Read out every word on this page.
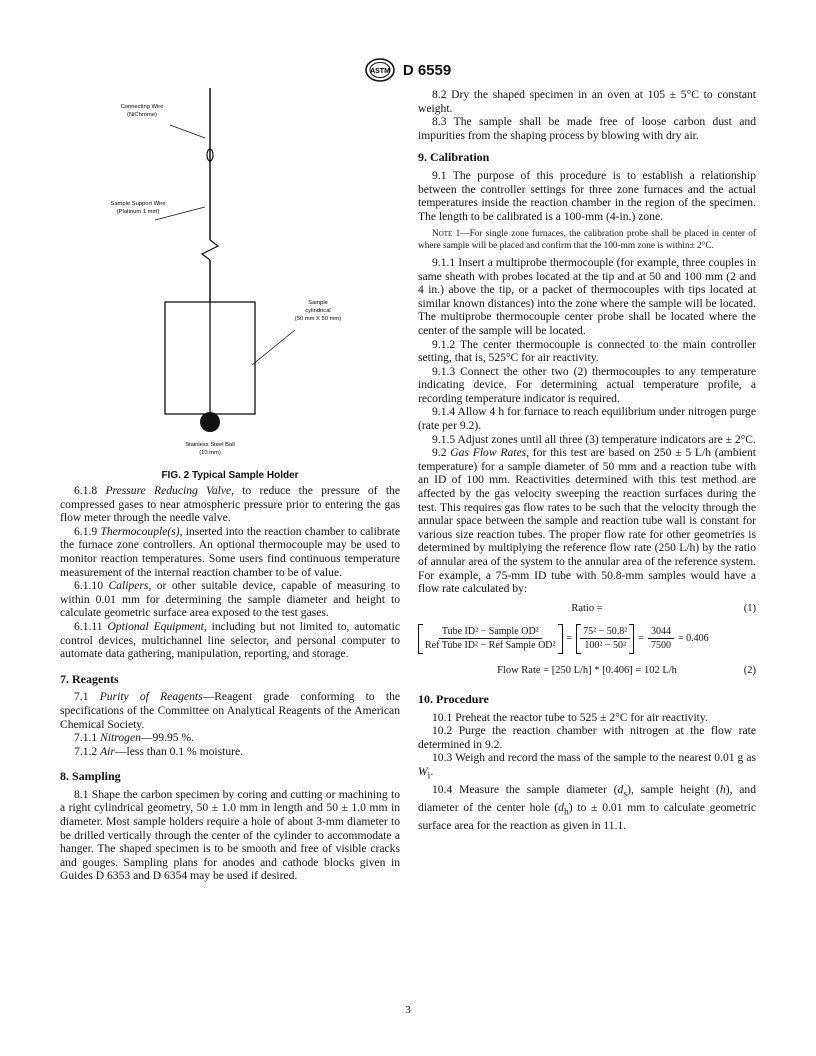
ASTM D 6559
Connecting Wire
(NiChrome)
Sample Support Wire
(Platinum 1 mm)
Sample
cylindrical
(50 mm X 50 mm)
Stainless Steel Ball
(10 mm)
FIG. 2 Typical Sample Holder

6.1.8 Pressure Reducing Valve, to reduce the pressure of the compressed gases to near atmospheric pressure prior to entering the gas flow meter through the needle valve.

6.1.9 Thermocouple(s), inserted into the reaction chamber to calibrate the furnace zone controllers. An optional thermocouple may be used to monitor reaction temperatures. Some users find continuous temperature measurement of the internal reaction chamber to be of value.

6.1.10 Calipers, or other suitable device, capable of measuring to within 0.01 mm for determining the sample diameter and height to calculate geometric surface area exposed to the test gases.

6.1.11 Optional Equipment, including but not limited to, automatic control devices, multichannel line selector, and personal computer to automate data gathering, manipulation, reporting, and storage.

7. Reagents

7.1 Purity of Reagents—Reagent grade conforming to the specifications of the Committee on Analytical Reagents of the American Chemical Society.

7.1.1 Nitrogen—99.95 %.

7.1.2 Air—less than 0.1 % moisture.

8. Sampling

8.1 Shape the carbon specimen by coring and cutting or machining to a right cylindrical geometry, 50 ± 1.0 mm in length and 50 ± 1.0 mm in diameter. Most sample holders require a hole of about 3-mm diameter to be drilled vertically through the center of the cylinder to accommodate a hanger. The shaped specimen is to be smooth and free of visible cracks and gouges. Sampling plans for anodes and cathode blocks given in Guides D 6353 and D 6354 may be used if desired.

8.2 Dry the shaped specimen in an oven at 105 ± 5°C to constant weight.

8.3 The sample shall be made free of loose carbon dust and impurities from the shaping process by blowing with dry air.

9. Calibration

9.1 The purpose of this procedure is to establish a relationship between the controller settings for three zone furnaces and the actual temperatures inside the reaction chamber in the region of the specimen. The length to be calibrated is a 100-mm (4-in.) zone.

Note 1—For single zone furnaces, the calibration probe shall be placed in center of where sample will be placed and confirm that the 100-mm zone is within± 2°C.

9.1.1 Insert a multiprobe thermocouple (for example, three couples in same sheath with probes located at the tip and at 50 and 100 mm (2 and 4 in.) above the tip, or a packet of thermocouples with tips located at similar known distances) into the zone where the sample will be located. The multiprobe thermocouple center probe shall be located where the center of the sample will be located.

9.1.2 The center thermocouple is connected to the main controller setting, that is, 525°C for air reactivity.

9.1.3 Connect the other two (2) thermocouples to any temperature indicating device. For determining actual temperature profile, a recording temperature indicator is required.

9.1.4 Allow 4 h for furnace to reach equilibrium under nitrogen purge (rate per 9.2).

9.1.5 Adjust zones until all three (3) temperature indicators are ± 2°C.

9.2 Gas Flow Rates, for this test are based on 250 ± 5 L/h (ambient temperature) for a sample diameter of 50 mm and a reaction tube with an ID of 100 mm. Reactivities determined with this test method are affected by the gas velocity sweeping the reaction surfaces during the test. This requires gas flow rates to be such that the velocity through the annular space between the sample and reaction tube wall is constant for various size reaction tubes. The proper flow rate for other geometries is determined by multiplying the reference flow rate (250 L/h) by the ratio of annular area of the system to the annular area of the reference system. For example, a 75-mm ID tube with 50.8-mm samples would have a flow rate calculated by:

Ratio =	(1)
$\frac{\text{Tube ID² − Sample OD²}}{\text{Ref Tube ID² − Ref Sample OD²}} = \frac{\text{75² − 50.8²}}{\text{100² − 50²}} = \frac{3044}{7500} = 0.406$
Flow Rate = [250 L/h] * [0.406] = 102 L/h	(2)
10. Procedure

10.1 Preheat the reactor tube to 525 ± 2°C for air reactivity.

10.2 Purge the reaction chamber with nitrogen at the flow rate determined in 9.2.

10.3 Weigh and record the mass of the sample to the nearest 0.01 g as $W_i$.

10.4 Measure the sample diameter $(d_s)$, sample height (h), and diameter of the center hole $(d_h)$ to ± 0.01 mm to calculate geometric surface area for the reaction as given in 11.1.

3
